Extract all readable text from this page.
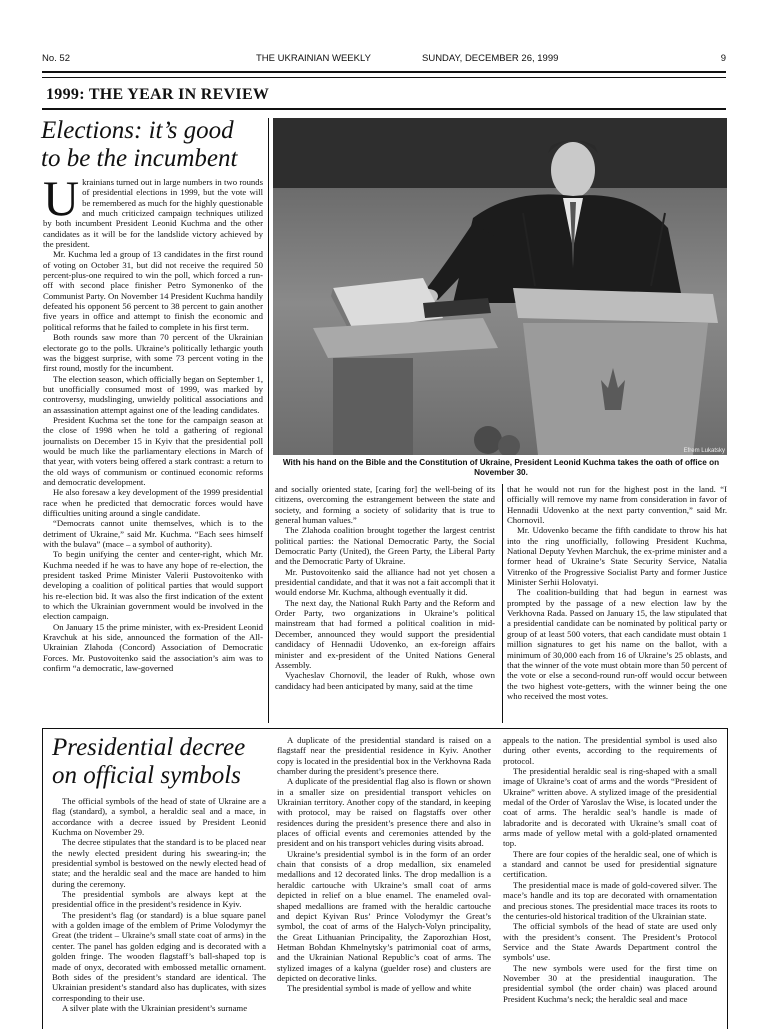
No. 52	THE UKRAINIAN WEEKLY	SUNDAY, DECEMBER 26, 1999	9
1999: THE YEAR IN REVIEW
Elections: it’s good
to be the incumbent

Ukrainians turned out in large numbers in two rounds of presidential elections in 1999, but the vote will be remembered as much for the highly questionable and much criticized campaign techniques utilized by both incumbent President Leonid Kuchma and the other candidates as it will be for the landslide victory achieved by the president.

Mr. Kuchma led a group of 13 candidates in the first round of voting on October 31, but did not receive the required 50 percent-plus-one required to win the poll, which forced a run-off with second place finisher Petro Symonenko of the Communist Party. On November 14 President Kuchma handily defeated his opponent 56 percent to 38 percent to gain another five years in office and attempt to finish the economic and political reforms that he failed to complete in his first term.

Both rounds saw more than 70 percent of the Ukrainian electorate go to the polls. Ukraine’s politically lethargic youth was the biggest surprise, with some 73 percent voting in the first round, mostly for the incumbent.

The election season, which officially began on September 1, but unofficially consumed most of 1999, was marked by controversy, mudslinging, unwieldy political associations and an assassination attempt against one of the leading candidates.

President Kuchma set the tone for the campaign season at the close of 1998 when he told a gathering of regional journalists on December 15 in Kyiv that the presidential poll would be much like the parliamentary elections in March of that year, with voters being offered a stark contrast: a return to the old ways of communism or continued economic reforms and democratic development.

He also foresaw a key development of the 1999 presidential race when he predicted that democratic forces would have difficulties uniting around a single candidate.

“Democrats cannot unite themselves, which is to the detriment of Ukraine,” said Mr. Kuchma. “Each sees himself with the bulava” (mace – a symbol of authority).

To begin unifying the center and center-right, which Mr. Kuchma needed if he was to have any hope of re-election, the president tasked Prime Minister Valerii Pustovoitenko with developing a coalition of political parties that would support his re-election bid. It was also the first indication of the extent to which the Ukrainian government would be involved in the election campaign.

On January 15 the prime minister, with ex-President Leonid Kravchuk at his side, announced the formation of the All-Ukrainian Zlahoda (Concord) Association of Democratic Forces. Mr. Pustovoitenko said the association’s aim was to confirm “a democratic, law-governed

Efrem Lukatsky
With his hand on the Bible and the Constitution of Ukraine, President Leonid Kuchma takes the oath of office on November 30.

and socially oriented state, [caring for] the well-being of its citizens, overcoming the estrangement between the state and society, and forming a society of solidarity that is true to general human values.”

The Zlahoda coalition brought together the largest centrist political parties: the National Democratic Party, the Social Democratic Party (United), the Green Party, the Liberal Party and the Democratic Party of Ukraine.

Mr. Pustovoitenko said the alliance had not yet chosen a presidential candidate, and that it was not a fait accompli that it would endorse Mr. Kuchma, although eventually it did.

The next day, the National Rukh Party and the Reform and Order Party, two organizations in Ukraine’s political mainstream that had formed a political coalition in mid-December, announced they would support the presidential candidacy of Hennadii Udovenko, an ex-foreign affairs minister and ex-president of the United Nations General Assembly.

Vyacheslav Chornovil, the leader of Rukh, whose own candidacy had been anticipated by many, said at the time

that he would not run for the highest post in the land. “I officially will remove my name from consideration in favor of Hennadii Udovenko at the next party convention,” said Mr. Chornovil.

Mr. Udovenko became the fifth candidate to throw his hat into the ring unofficially, following President Kuchma, National Deputy Yevhen Marchuk, the ex-prime minister and a former head of Ukraine’s State Security Service, Natalia Vitrenko of the Progressive Socialist Party and former Justice Minister Serhii Holovatyi.

The coalition-building that had begun in earnest was prompted by the passage of a new election law by the Verkhovna Rada. Passed on January 15, the law stipulated that a presidential candidate can be nominated by political party or group of at least 500 voters, that each candidate must obtain 1 million signatures to get his name on the ballot, with a minimum of 30,000 each from 16 of Ukraine’s 25 oblasts, and that the winner of the vote must obtain more than 50 percent of the vote or else a second-round run-off would occur between the two highest vote-getters, with the winner being the one who received the most votes.

Presidential decree
on official symbols

The official symbols of the head of state of Ukraine are a flag (standard), a symbol, a heraldic seal and a mace, in accordance with a decree issued by President Leonid Kuchma on November 29.

The decree stipulates that the standard is to be placed near the newly elected president during his swearing-in; the presidential symbol is bestowed on the newly elected head of state; and the heraldic seal and the mace are handed to him during the ceremony.

The presidential symbols are always kept at the presidential office in the president’s residence in Kyiv.

The president’s flag (or standard) is a blue square panel with a golden image of the emblem of Prime Volodymyr the Great (the trident – Ukraine’s small state coat of arms) in the center. The panel has golden edging and is decorated with a golden fringe. The wooden flagstaff’s ball-shaped top is made of onyx, decorated with embossed metallic ornament. Both sides of the president’s standard are identical. The Ukrainian president’s standard also has duplicates, with sizes corresponding to their use.

A silver plate with the Ukrainian president’s surname

A duplicate of the presidential standard is raised on a flagstaff near the presidential residence in Kyiv. Another copy is located in the presidential box in the Verkhovna Rada chamber during the president’s presence there.

A duplicate of the presidential flag also is flown or shown in a smaller size on presidential transport vehicles on Ukrainian territory. Another copy of the standard, in keeping with protocol, may be raised on flagstaffs over other residences during the president’s presence there and also in places of official events and ceremonies attended by the president and on his transport vehicles during visits abroad.

Ukraine’s presidential symbol is in the form of an order chain that consists of a drop medallion, six enameled medallions and 12 decorated links. The drop medallion is a heraldic cartouche with Ukraine’s small coat of arms depicted in relief on a blue enamel. The enameled oval-shaped medallions are framed with the heraldic cartouche and depict Kyivan Rus’ Prince Volodymyr the Great’s symbol, the coat of arms of the Halych-Volyn principality, the Great Lithuanian Principality, the Zaporozhian Host, Hetman Bohdan Khmelnytsky’s patrimonial coat of arms, and the Ukrainian National Republic’s coat of arms. The stylized images of a kalyna (guelder rose) and clusters are depicted on decorative links.

The presidential symbol is made of yellow and white

appeals to the nation. The presidential symbol is used also during other events, according to the requirements of protocol.

The presidential heraldic seal is ring-shaped with a small image of Ukraine’s coat of arms and the words “President of Ukraine” written above. A stylized image of the presidential medal of the Order of Yaroslav the Wise, is located under the coat of arms. The heraldic seal’s handle is made of labradorite and is decorated with Ukraine’s small coat of arms made of yellow metal with a gold-plated ornamented top.

There are four copies of the heraldic seal, one of which is a standard and cannot be used for presidential signature certification.

The presidential mace is made of gold-covered silver. The mace’s handle and its top are decorated with ornamentation and precious stones. The presidential mace traces its roots to the centuries-old historical tradition of the Ukrainian state.

The official symbols of the head of state are used only with the president’s consent. The President’s Protocol Service and the State Awards Department control the symbols’ use.

The new symbols were used for the first time on November 30 at the presidential inauguration. The presidential symbol (the order chain) was placed around President Kuchma’s neck; the heraldic seal and mace
